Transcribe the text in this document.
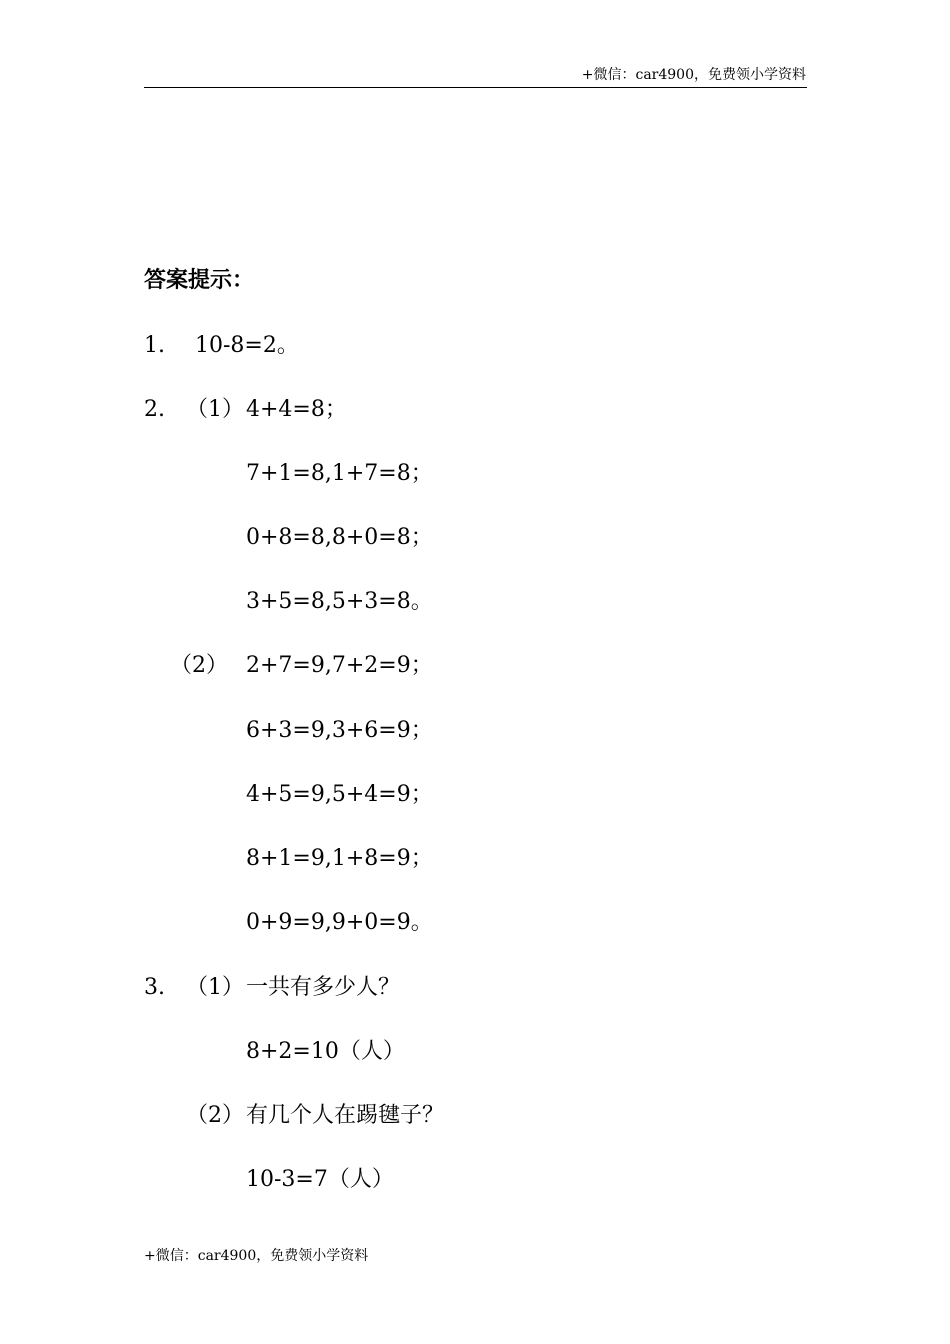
+微信：car4900，免费领小学资料
答案提示：
1. 10-8=2。
2. （1） 4+4=8；
7+1=8,1+7=8；
0+8=8,8+0=8；
3+5=8,5+3=8。
（2） 2+7=9,7+2=9；
6+3=9,3+6=9；
4+5=9,5+4=9；
8+1=9,1+8=9；
0+9=9,9+0=9。
3. （1） 一共有多少人？
8+2=10（人）
（2） 有几个人在踢毽子？
10-3=7（人）
+微信：car4900，免费领小学资料
